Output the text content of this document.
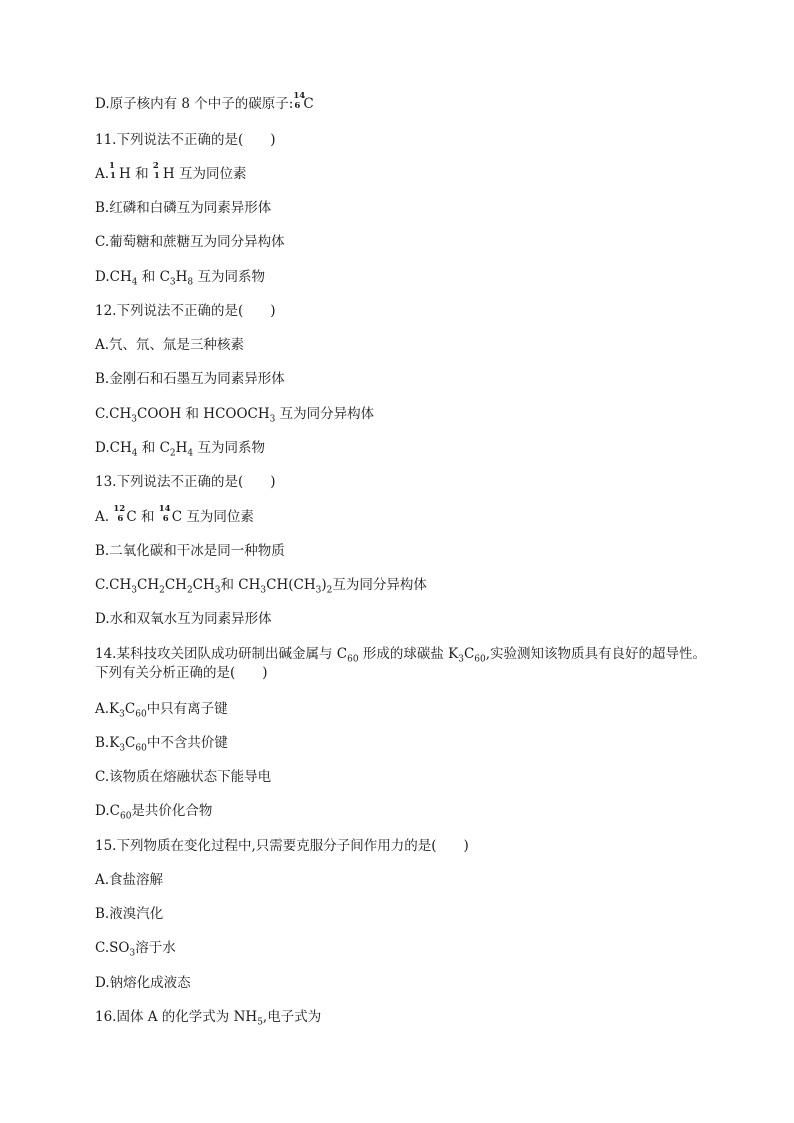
D.原子核内有 8 个中子的碳原子: 14
6 C
11.下列说法不正确的是(　　)
A. 1
1 H 和 2
1 H 互为同位素
B.红磷和白磷互为同素异形体
C.葡萄糖和蔗糖互为同分异构体
$D.CH_4$ 和 $C_3H_8$ 互为同系物
12.下列说法不正确的是(　　)
A.氕、氘、氚是三种核素
B.金刚石和石墨互为同素异形体
$C.CH_3COOH$ 和 $HCOOCH_3$ 互为同分异构体
$D.CH_4$ 和 $C_2H_4$ 互为同系物
13.下列说法不正确的是(　　)
A. 12
6 C 和 14
6 C 互为同位素
B.二氧化碳和干冰是同一种物质
$C.CH_3CH_2CH_2CH_3$和 $CH_3CH(CH_3)_2$互为同分异构体
D.水和双氧水互为同素异形体
14.某科技攻关团队成功研制出碱金属与 $C_{60}$ 形成的球碳盐 $K_3C_{60}$,实验测知该物质具有良好的超导性。下列有关分析正确的是(　　)
$A.K_3C_{60}$中只有离子键
$B.K_3C_{60}$中不含共价键
C.该物质在熔融状态下能导电
$D.C_{60}$是共价化合物
15.下列物质在变化过程中,只需要克服分子间作用力的是(　　)
A.食盐溶解
B.液溴汽化
$C.SO_3$溶于水
D.钠熔化成液态
16.固体 A 的化学式为 $NH_5$,电子式为
